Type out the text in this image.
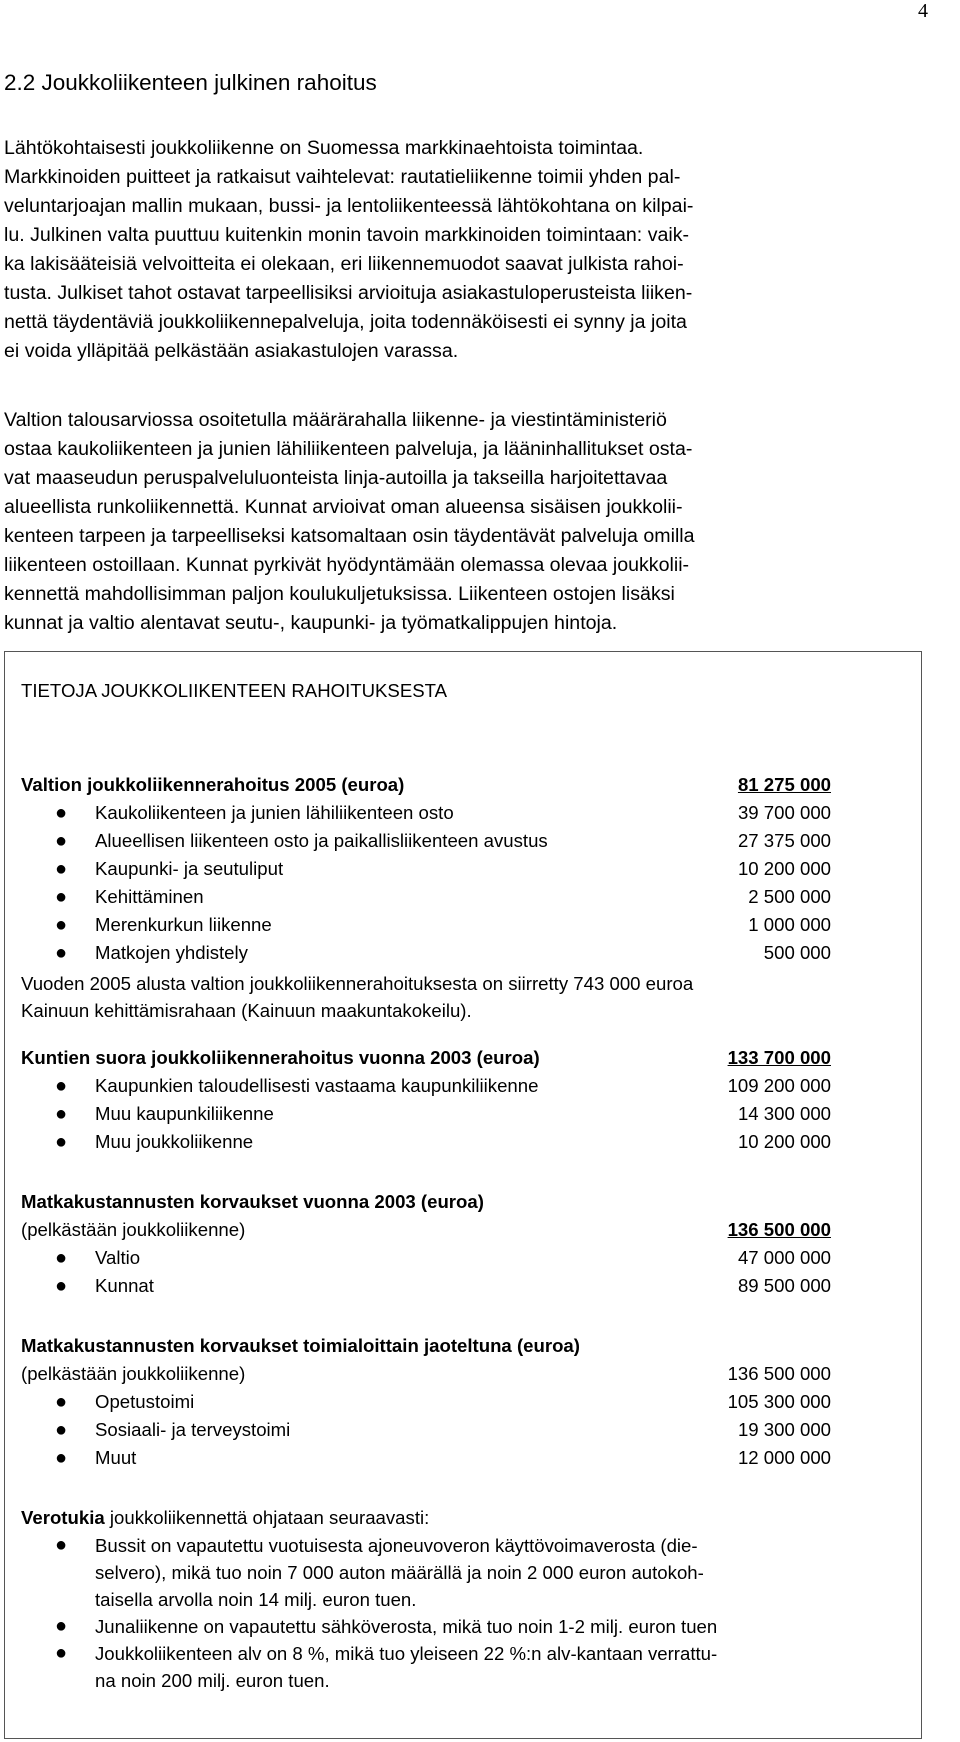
4
2.2 Joukkoliikenteen julkinen rahoitus

Lähtökohtaisesti joukkoliikenne on Suomessa markkinaehtoista toimintaa.
Markkinoiden puitteet ja ratkaisut vaihtelevat: rautatieliikenne toimii yhden pal-
veluntarjoajan mallin mukaan, bussi- ja lentoliikenteessä lähtökohtana on kilpai-
lu. Julkinen valta puuttuu kuitenkin monin tavoin markkinoiden toimintaan: vaik-
ka lakisääteisiä velvoitteita ei olekaan, eri liikennemuodot saavat julkista rahoi-
tusta. Julkiset tahot ostavat tarpeellisiksi arvioituja asiakastuloperusteista liiken-
nettä täydentäviä joukkoliikennepalveluja, joita todennäköisesti ei synny ja joita
ei voida ylläpitää pelkästään asiakastulojen varassa.

Valtion talousarviossa osoitetulla määrärahalla liikenne- ja viestintäministeriö
ostaa kaukoliikenteen ja junien lähiliikenteen palveluja, ja lääninhallitukset osta-
vat maaseudun peruspalveluluonteista linja-autoilla ja takseilla harjoitettavaa
alueellista runkoliikennettä. Kunnat arvioivat oman alueensa sisäisen joukkolii-
kenteen tarpeen ja tarpeelliseksi katsomaltaan osin täydentävät palveluja omilla
liikenteen ostoillaan. Kunnat pyrkivät hyödyntämään olemassa olevaa joukkolii-
kennettä mahdollisimman paljon koulukuljetuksissa. Liikenteen ostojen lisäksi
kunnat ja valtio alentavat seutu-, kaupunki- ja työmatkalippujen hintoja.

TIETOJA JOUKKOLIIKENTEEN RAHOITUKSESTA
Valtion joukkoliikennerahoitus 2005 (euroa)	81 275 000
● Kaukoliikenteen ja junien lähiliikenteen osto	39 700 000
● Alueellisen liikenteen osto ja paikallisliikenteen avustus	27 375 000
● Kaupunki- ja seutuliput	10 200 000
● Kehittäminen	2 500 000
● Merenkurkun liikenne	1 000 000
● Matkojen yhdistely	500 000
Vuoden 2005 alusta valtion joukkoliikennerahoituksesta on siirretty 743 000 euroa
Kainuun kehittämisrahaan (Kainuun maakuntakokeilu).
Kuntien suora joukkoliikennerahoitus vuonna 2003 (euroa)	133 700 000
● Kaupunkien taloudellisesti vastaama kaupunkiliikenne	109 200 000
● Muu kaupunkiliikenne	14 300 000
● Muu joukkoliikenne	10 200 000
Matkakustannusten korvaukset vuonna 2003 (euroa)
(pelkästään joukkoliikenne)	136 500 000
● Valtio	47 000 000
● Kunnat	89 500 000
Matkakustannusten korvaukset toimialoittain jaoteltuna (euroa)
(pelkästään joukkoliikenne)	136 500 000
● Opetustoimi	105 300 000
● Sosiaali- ja terveystoimi	19 300 000
● Muut	12 000 000
Verotukia joukkoliikennettä ohjataan seuraavasti:
● Bussit on vapautettu vuotuisesta ajoneuvoveron käyttövoimaverosta (die-
selvero), mikä tuo noin 7 000 auton määrällä ja noin 2 000 euron autokoh-
taisella arvolla noin 14 milj. euron tuen.
● Junaliikenne on vapautettu sähköverosta, mikä tuo noin 1-2 milj. euron tuen
● Joukkoliikenteen alv on 8 %, mikä tuo yleiseen 22 %:n alv-kantaan verrattu-
na noin 200 milj. euron tuen.
